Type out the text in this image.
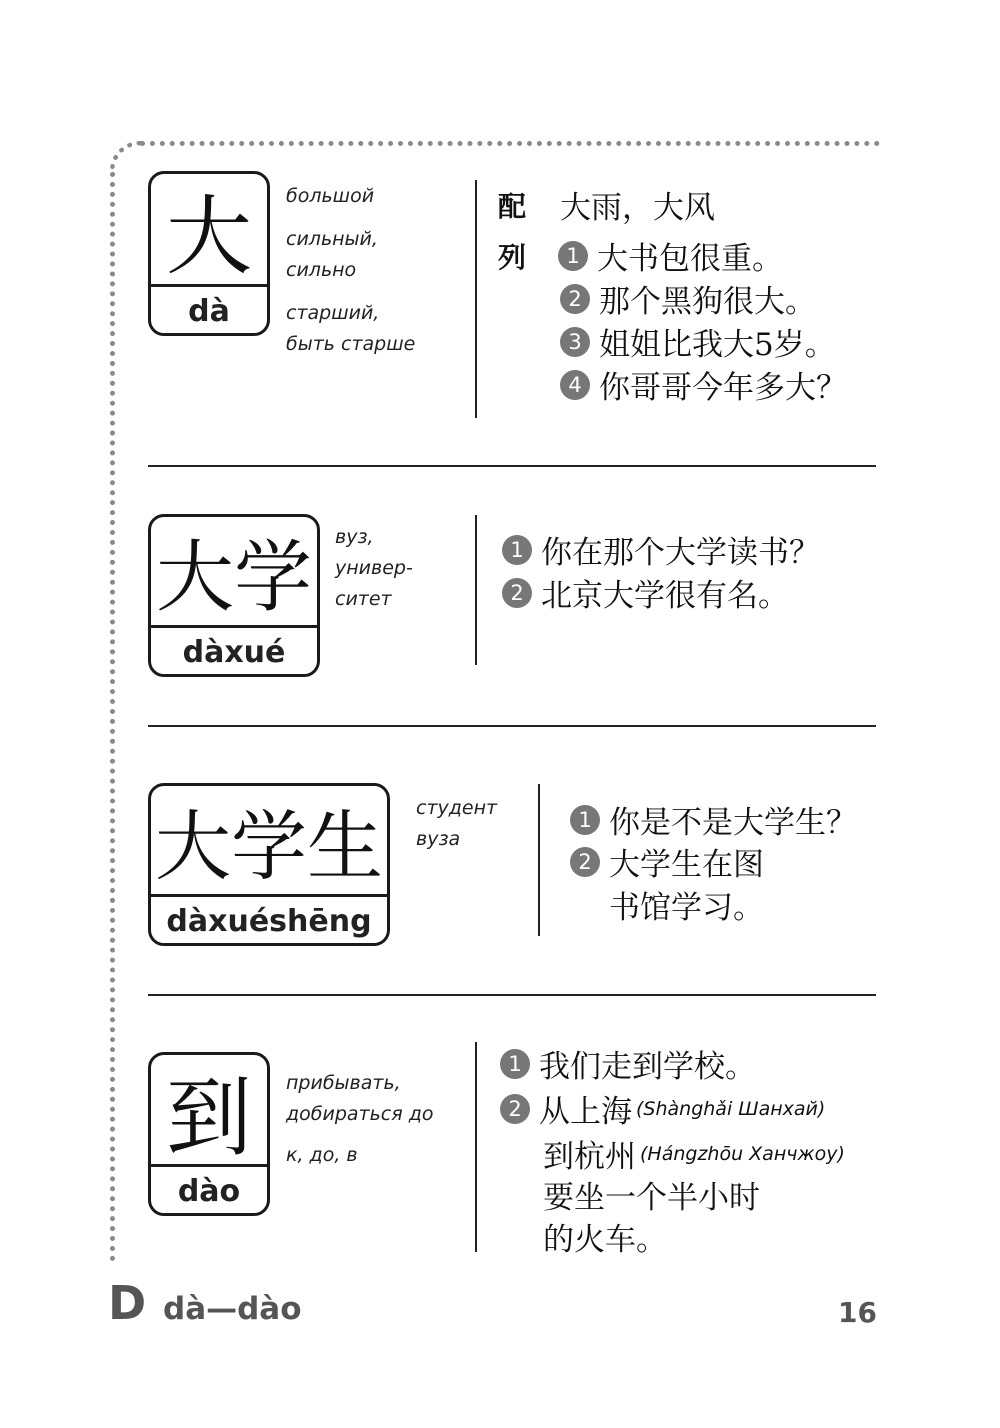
大
dà

большой

сильный,
сильно

старший,
быть старше

配 大雨，大风
列	1 大书包很重。
2 那个黑狗很大。
3 姐姐比我大5岁。
4 你哥哥今年多大？
大学
dàxué

вуз,
универ-
ситет

1 你在那个大学读书？
2 北京大学很有名。
大学生
dàxuéshēng

студент
вуза

1 你是不是大学生？
2 大学生在图
书馆学习。
到
dào

прибывать,
добираться до

к, до, в

1 我们走到学校。
2 从上海 (Shànghǎi Шанхай)
到杭州 (Hángzhōu Ханчжоу)
要坐一个半小时
的火车。
D dà—dào	16
